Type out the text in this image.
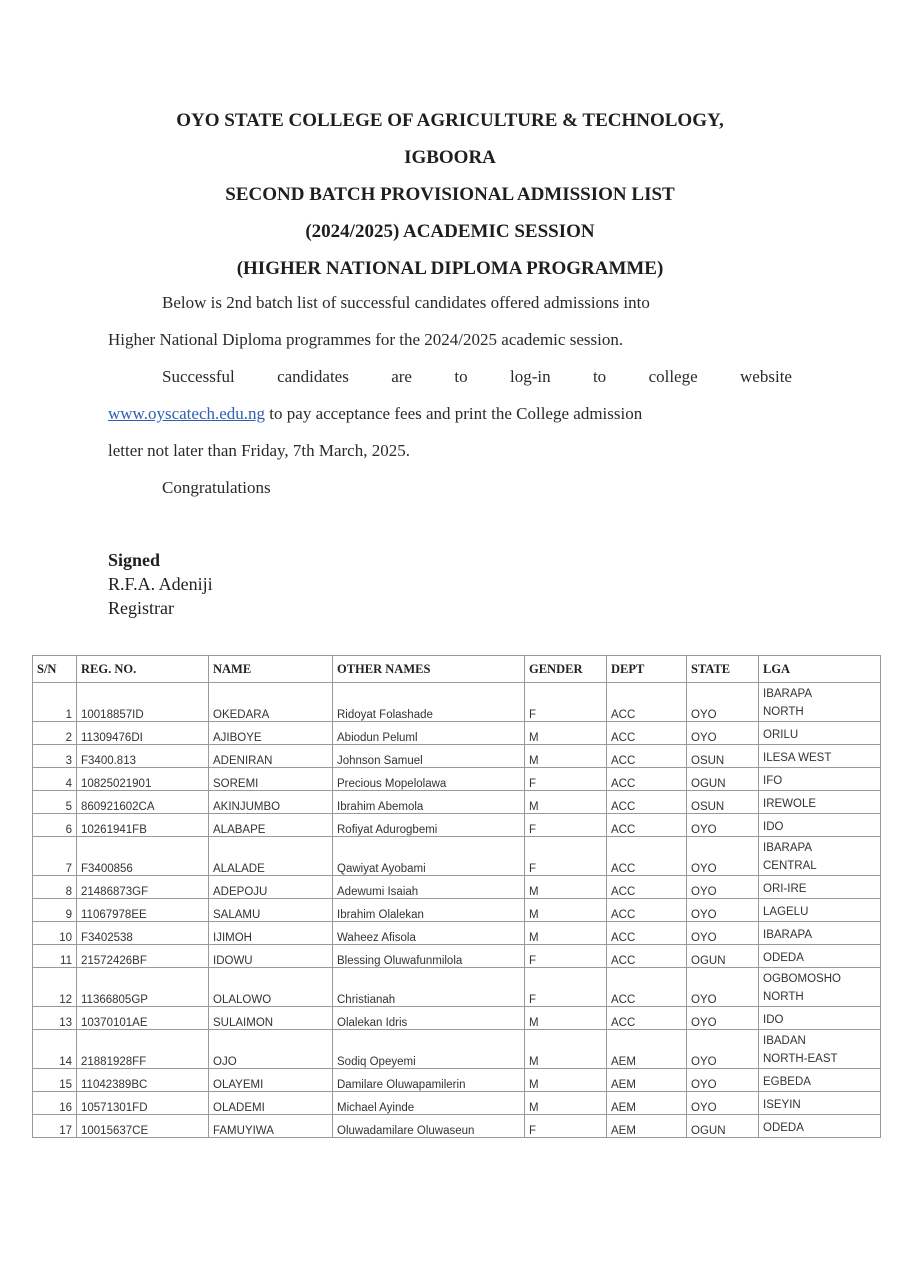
OYO STATE COLLEGE OF AGRICULTURE & TECHNOLOGY,
IGBOORA
SECOND BATCH PROVISIONAL ADMISSION LIST
(2024/2025) ACADEMIC SESSION
(HIGHER NATIONAL DIPLOMA PROGRAMME)
Below is 2nd batch list of successful candidates offered admissions into
Higher National Diploma programmes for the 2024/2025 academic session.
Successful candidates are to log-in to college website
www.oyscatech.edu.ng to pay acceptance fees and print the College admission
letter not later than Friday, 7th March, 2025.
Congratulations
Signed
R.F.A. Adeniji
Registrar
S/N	REG. NO.	NAME	OTHER NAMES	GENDER	DEPT	STATE	LGA
1	10018857ID	OKEDARA	Ridoyat Folashade	F	ACC	OYO	IBARAPA
NORTH

2	11309476DI	AJIBOYE	Abiodun Peluml	M	ACC	OYO	ORILU

3	F3400.813	ADENIRAN	Johnson Samuel	M	ACC	OSUN	ILESA WEST

4	10825021901	SOREMI	Precious Mopelolawa	F	ACC	OGUN	IFO

5	860921602CA	AKINJUMBO	Ibrahim Abemola	M	ACC	OSUN	IREWOLE

6	10261941FB	ALABAPE	Rofiyat Adurogbemi	F	ACC	OYO	IDO

7	F3400856	ALALADE	Qawiyat Ayobami	F	ACC	OYO	IBARAPA
CENTRAL

8	21486873GF	ADEPOJU	Adewumi Isaiah	M	ACC	OYO	ORI-IRE

9	11067978EE	SALAMU	Ibrahim Olalekan	M	ACC	OYO	LAGELU

10	F3402538	IJIMOH	Waheez Afisola	M	ACC	OYO	IBARAPA

11	21572426BF	IDOWU	Blessing Oluwafunmilola	F	ACC	OGUN	ODEDA

12	11366805GP	OLALOWO	Christianah	F	ACC	OYO	OGBOMOSHO
NORTH

13	10370101AE	SULAIMON	Olalekan Idris	M	ACC	OYO	IDO

14	21881928FF	OJO	Sodiq Opeyemi	M	AEM	OYO	IBADAN
NORTH-EAST

15	11042389BC	OLAYEMI	Damilare Oluwapamilerin	M	AEM	OYO	EGBEDA

16	10571301FD	OLADEMI	Michael Ayinde	M	AEM	OYO	ISEYIN

17	10015637CE	FAMUYIWA	Oluwadamilare Oluwaseun	F	AEM	OGUN	ODEDA
